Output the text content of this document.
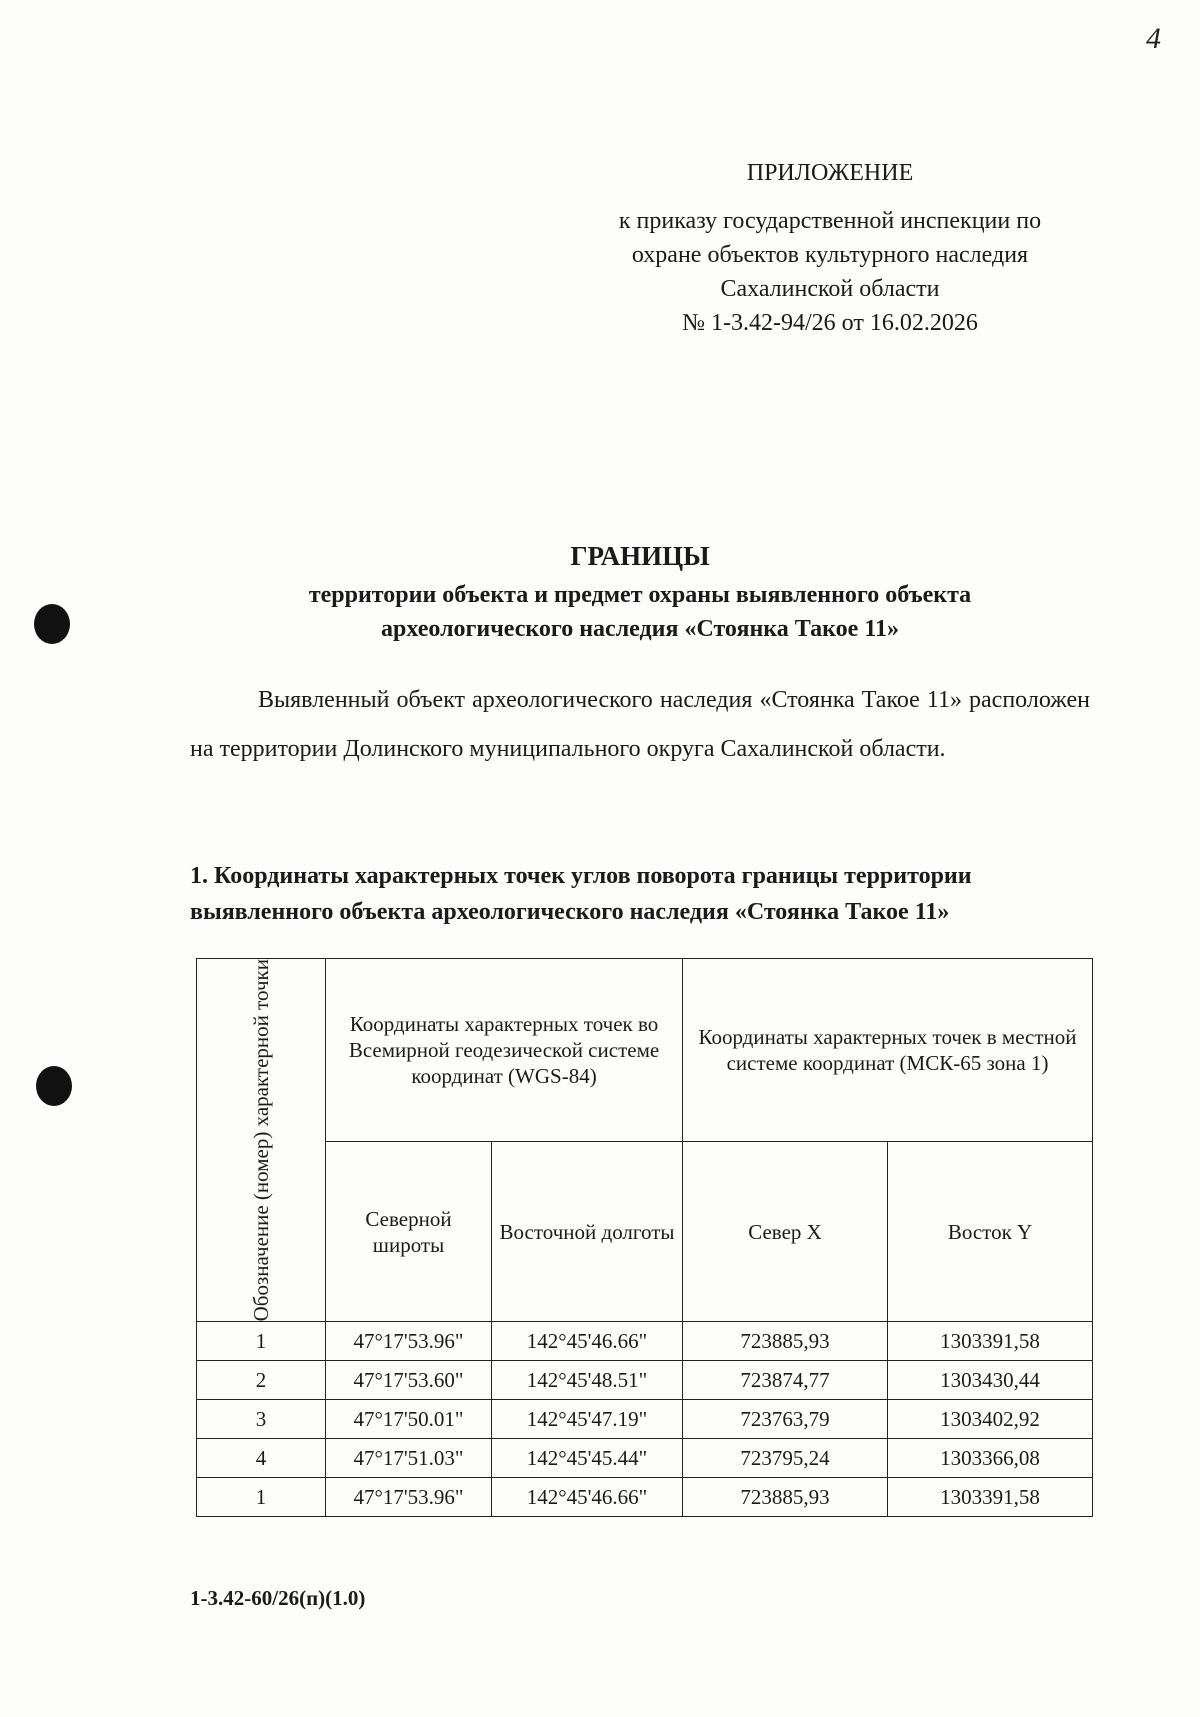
4
ПРИЛОЖЕНИЕ
к приказу государственной инспекции по
охране объектов культурного наследия
Сахалинской области
№ 1-3.42-94/26 от 16.02.2026
ГРАНИЦЫ
территории объекта и предмет охраны выявленного объекта
археологического наследия «Стоянка Такое 11»

Выявленный объект археологического наследия «Стоянка Такое 11» расположен на территории Долинского муниципального округа Сахалинской области.

1. Координаты характерных точек углов поворота границы территории выявленного объекта археологического наследия «Стоянка Такое 11»
Обозначение (номер) характерной точки	Координаты характерных точек во Всемирной геодезической системе координат (WGS-84)		Координаты характерных точек в местной системе координат (МСК-65 зона 1)	
	Северной широты	Восточной долготы	Север X	Восток Y
1	47°17'53.96"	142°45'46.66"	723885,93	1303391,58
2	47°17'53.60"	142°45'48.51"	723874,77	1303430,44
3	47°17'50.01"	142°45'47.19"	723763,79	1303402,92
4	47°17'51.03"	142°45'45.44"	723795,24	1303366,08
1	47°17'53.96"	142°45'46.66"	723885,93	1303391,58
1-3.42-60/26(п)(1.0)
